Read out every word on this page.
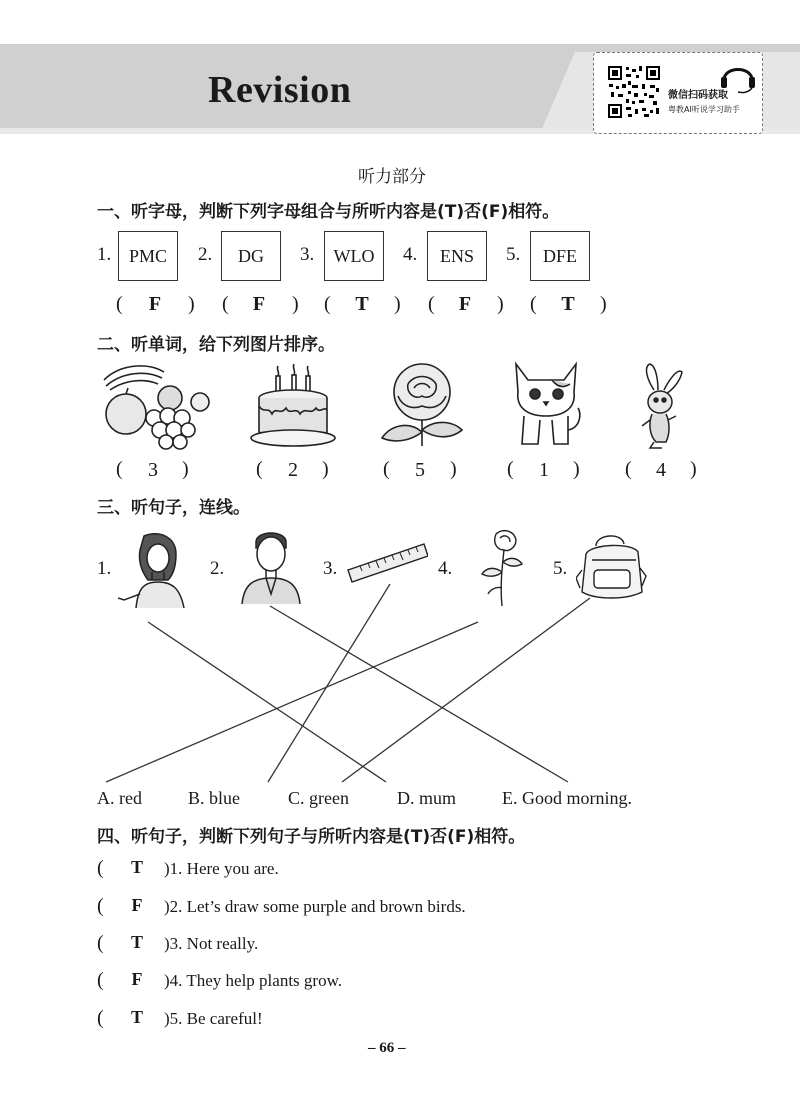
Revision	微信扫码获取
粤教AI听说学习助手
听力部分
一、听字母，判断下列字母组合与所听内容是(T)否(F)相符。
1. PMC	2.	DG	3.	WLO	4.	ENS	5.	DFE
(	F	) (	F	) (	T	) (	F	) (	T	)
二、听单词，给下列图片排序。
(	3	)	(	2	)	(	5	)	(	1	) (	4	)
三、听句子，连线。
1.	2.	3.	4.	5.
A. red	B. blue	C. green	D. mum	E. Good morning.
四、听句子，判断下列句子与所听内容是(T)否(F)相符。
(	T	)1. Here you are.
(	F	)2. Let’s draw some purple and brown birds.
(	T	)3. Not really.
(	F	)4. They help plants grow.
(	T	)5. Be careful!
– 66 –
